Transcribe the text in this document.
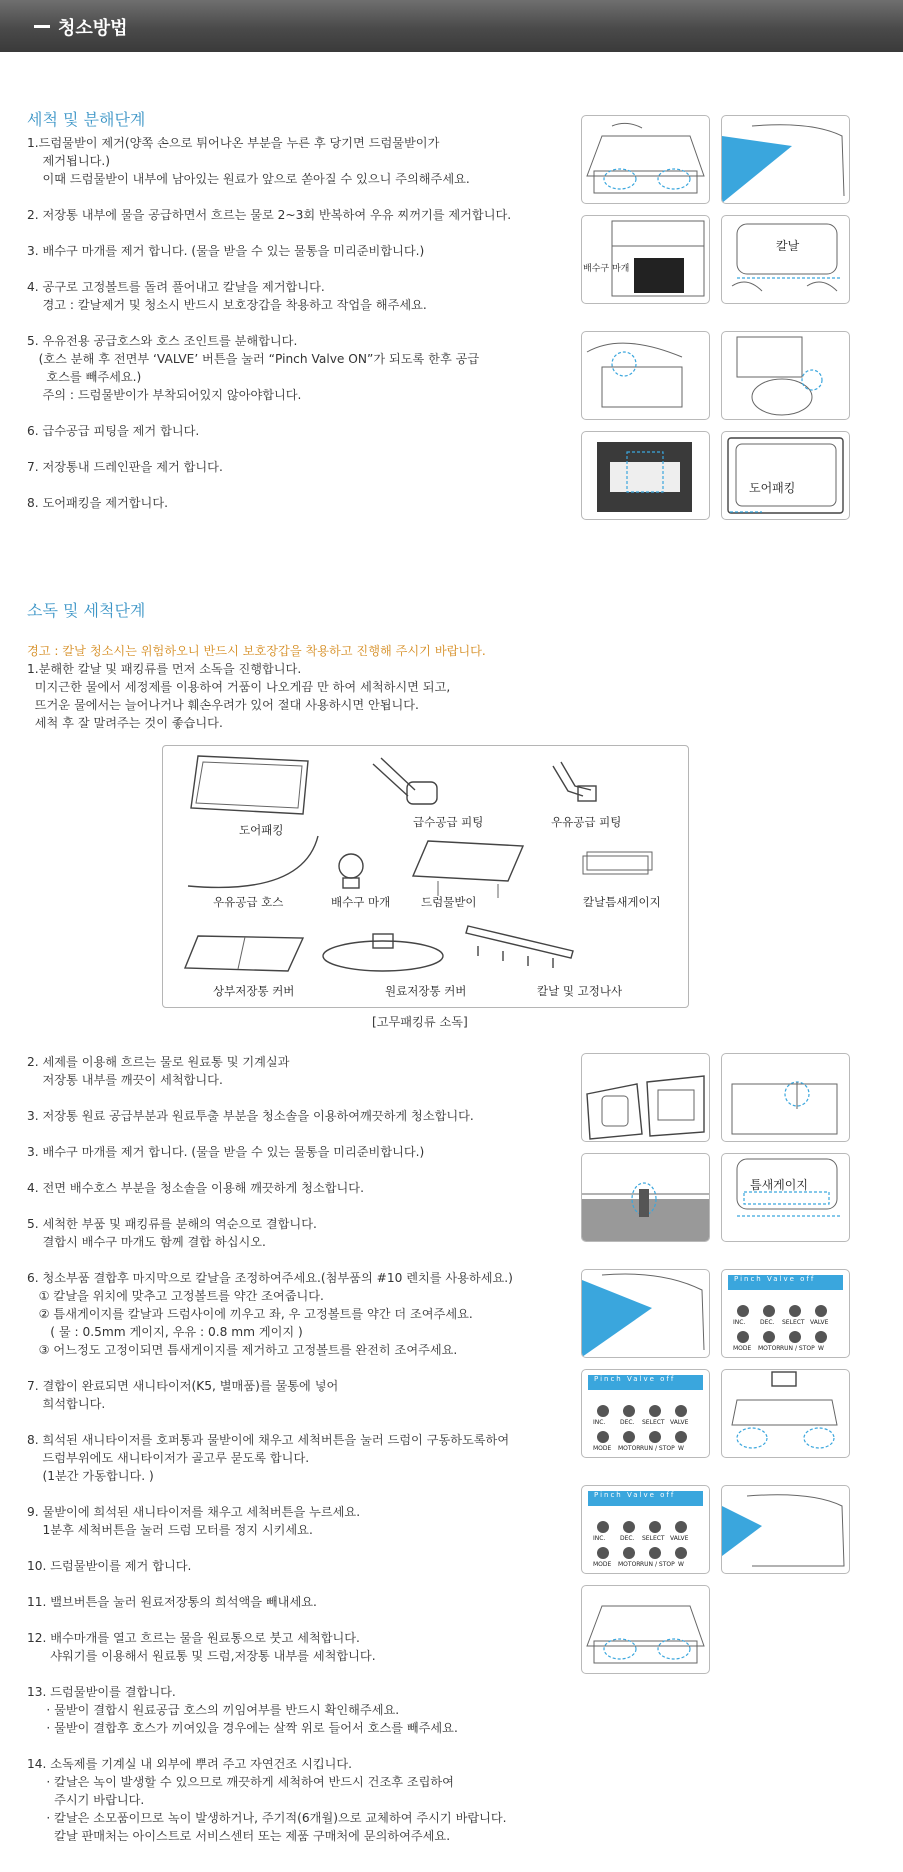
청소방법
세척 및 분해단계
1.드럼물받이 제거(양쪽 손으로 튀어나온 부분을 누른 후 당기면 드럼물받이가
제거됩니다.)
이때 드럼물받이 내부에 남아있는 원료가 앞으로 쏟아질 수 있으니 주의해주세요.
2. 저장통 내부에 물을 공급하면서 흐르는 물로 2~3회 반복하여 우유 찌꺼기를 제거합니다.
3. 배수구 마개를 제거 합니다. (물을 받을 수 있는 물통을 미리준비합니다.)
4. 공구로 고정볼트를 돌려 풀어내고 칼날을 제거합니다.
경고 : 칼날제거 및 청소시 반드시 보호장갑을 착용하고 작업을 해주세요.
5. 우유전용 공급호스와 호스 조인트를 분해합니다.
(호스 분해 후 전면부 ‘VALVE’ 버튼을 눌러 “Pinch Valve ON”가 되도록 한후 공급
호스를 빼주세요.)
주의 : 드럼물받이가 부착되어있지 않아야합니다.
6. 급수공급 피팅을 제거 합니다.
7. 저장통내 드레인판을 제거 합니다.
8. 도어패킹을 제거합니다.
배수구 마개
칼날
도어패킹
소독 및 세척단계
경고 : 칼날 청소시는 위험하오니 반드시 보호장갑을 착용하고 진행해 주시기 바랍니다.
1.분해한 칼날 및 패킹류를 먼저 소독을 진행합니다.
미지근한 물에서 세정제를 이용하여 거품이 나오게끔 만 하여 세척하시면 되고,
뜨거운 물에서는 늘어나거나 훼손우려가 있어 절대 사용하시면 안됩니다.
세척 후 잘 말려주는 것이 좋습니다.
도어패킹
급수공급 피팅	우유공급 피팅
우유공급 호스	배수구 마개	드럼물받이	칼날틈새게이지
상부저장통 커버	원료저장통 커버	칼날 및 고정나사
[고무패킹류 소독]
2. 세제를 이용해 흐르는 물로 원료통 및 기계실과
저장통 내부를 깨끗이 세척합니다.
3. 저장통 원료 공급부분과 원료투출 부분을 청소솔을 이용하여깨끗하게 청소합니다.
3. 배수구 마개를 제거 합니다. (물을 받을 수 있는 물통을 미리준비합니다.)
4. 전면 배수호스 부분을 청소솔을 이용해 깨끗하게 청소합니다.
5. 세척한 부품 및 패킹류를 분해의 역순으로 결합니다.
결합시 배수구 마개도 함께 결합 하십시오.
6. 청소부품 결합후 마지막으로 칼날을 조정하여주세요.(첨부품의 #10 렌치를 사용하세요.)
① 칼날을 위치에 맞추고 고정볼트를 약간 조여줍니다.
② 틈새게이지를 칼날과 드럼사이에 끼우고 좌, 우 고정볼트를 약간 더 조여주세요.
( 물 : 0.5mm 게이지, 우유 : 0.8 mm 게이지 )
③ 어느정도 고정이되면 틈새게이지를 제거하고 고정볼트를 완전히 조여주세요.
7. 결합이 완료되면 새니타이저(K5, 별매품)를 물통에 넣어
희석합니다.
8. 희석된 새니타이저를 호퍼통과 물받이에 채우고 세척버튼을 눌러 드럼이 구동하도록하여
드럼부위에도 새니타이저가 골고루 묻도록 합니다.
(1분간 가동합니다. )
9. 물받이에 희석된 새니타이저를 채우고 세척버튼을 누르세요.
1분후 세척버튼을 눌러 드럼 모터를 정지 시키세요.
10. 드럼물받이를 제거 합니다.
11. 밸브버튼을 눌러 원료저장통의 희석액을 빼내세요.
12. 배수마개를 열고 흐르는 물을 원료통으로 붓고 세척합니다.
샤워기를 이용해서 원료통 및 드럼,저장통 내부를 세척합니다.
13. 드럼물받이를 결합니다.
· 물받이 결합시 원료공급 호스의 끼임여부를 반드시 확인해주세요.
· 물받이 결합후 호스가 끼여있을 경우에는 살짝 위로 들어서 호스를 빼주세요.
14. 소독제를 기계실 내 외부에 뿌려 주고 자연건조 시킵니다.
· 칼날은 녹이 발생할 수 있으므로 깨끗하게 세척하여 반드시 건조후 조립하여
주시기 바랍니다.
· 칼날은 소모품이므로 녹이 발생하거나, 주기적(6개월)으로 교체하여 주시기 바랍니다.
칼날 판매처는 아이스트로 서비스센터 또는 제품 구매처에 문의하여주세요.
틈새게이지
Pinch Valve off
INC. DEC. SELECT VALVE
MODE MOTOR RUN / STOP W
Pinch Valve off
INC. DEC. SELECT VALVE
MODE MOTOR RUN / STOP W
Pinch Valve off
INC. DEC. SELECT VALVE
MODE MOTOR RUN / STOP W
